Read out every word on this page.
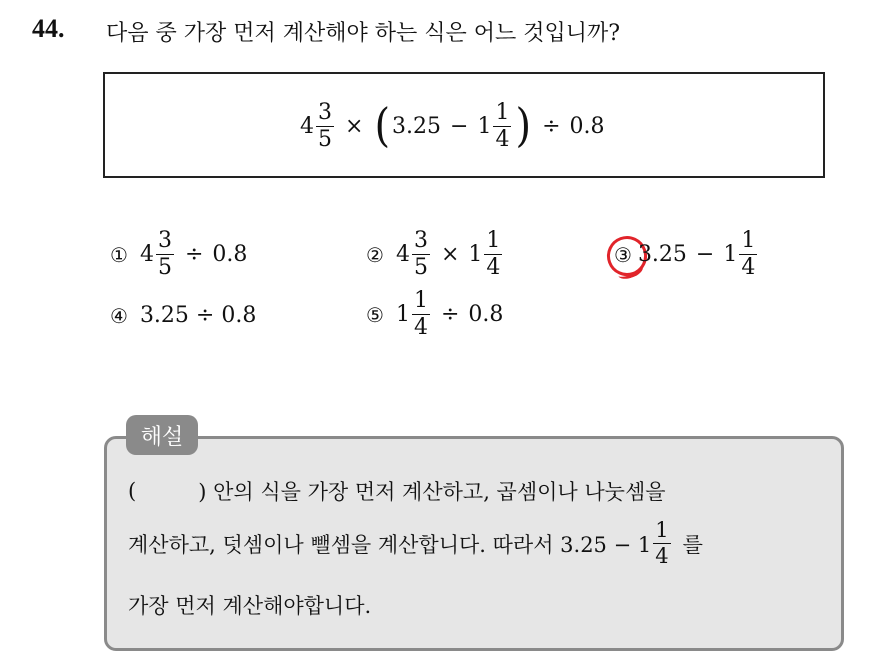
44. 다음 중 가장 먼저 계산해야 하는 식은 어느 것입니까?
$4 \frac{3}{5}$ × ( $3.25 - 1 \frac{1}{4}$ ) ÷ 0.8
① $4 \frac{3}{5} \div 0.8$	② $4 \frac{3}{5} \times 1 \frac{1}{4}$	③ $3.25 - 1 \frac{1}{4}$
④ 3.25 ÷ 0.8	⑤ $1 \frac{1}{4} \div 0.8$
해설
(	) 안의 식을 가장 먼저 계산하고, 곱셈이나 나눗셈을
계산하고, 덧셈이나 뺄셈을 계산합니다. 따라서 $3.25 - 1 \frac{1}{4}$ 를
가장 먼저 계산해야합니다.
